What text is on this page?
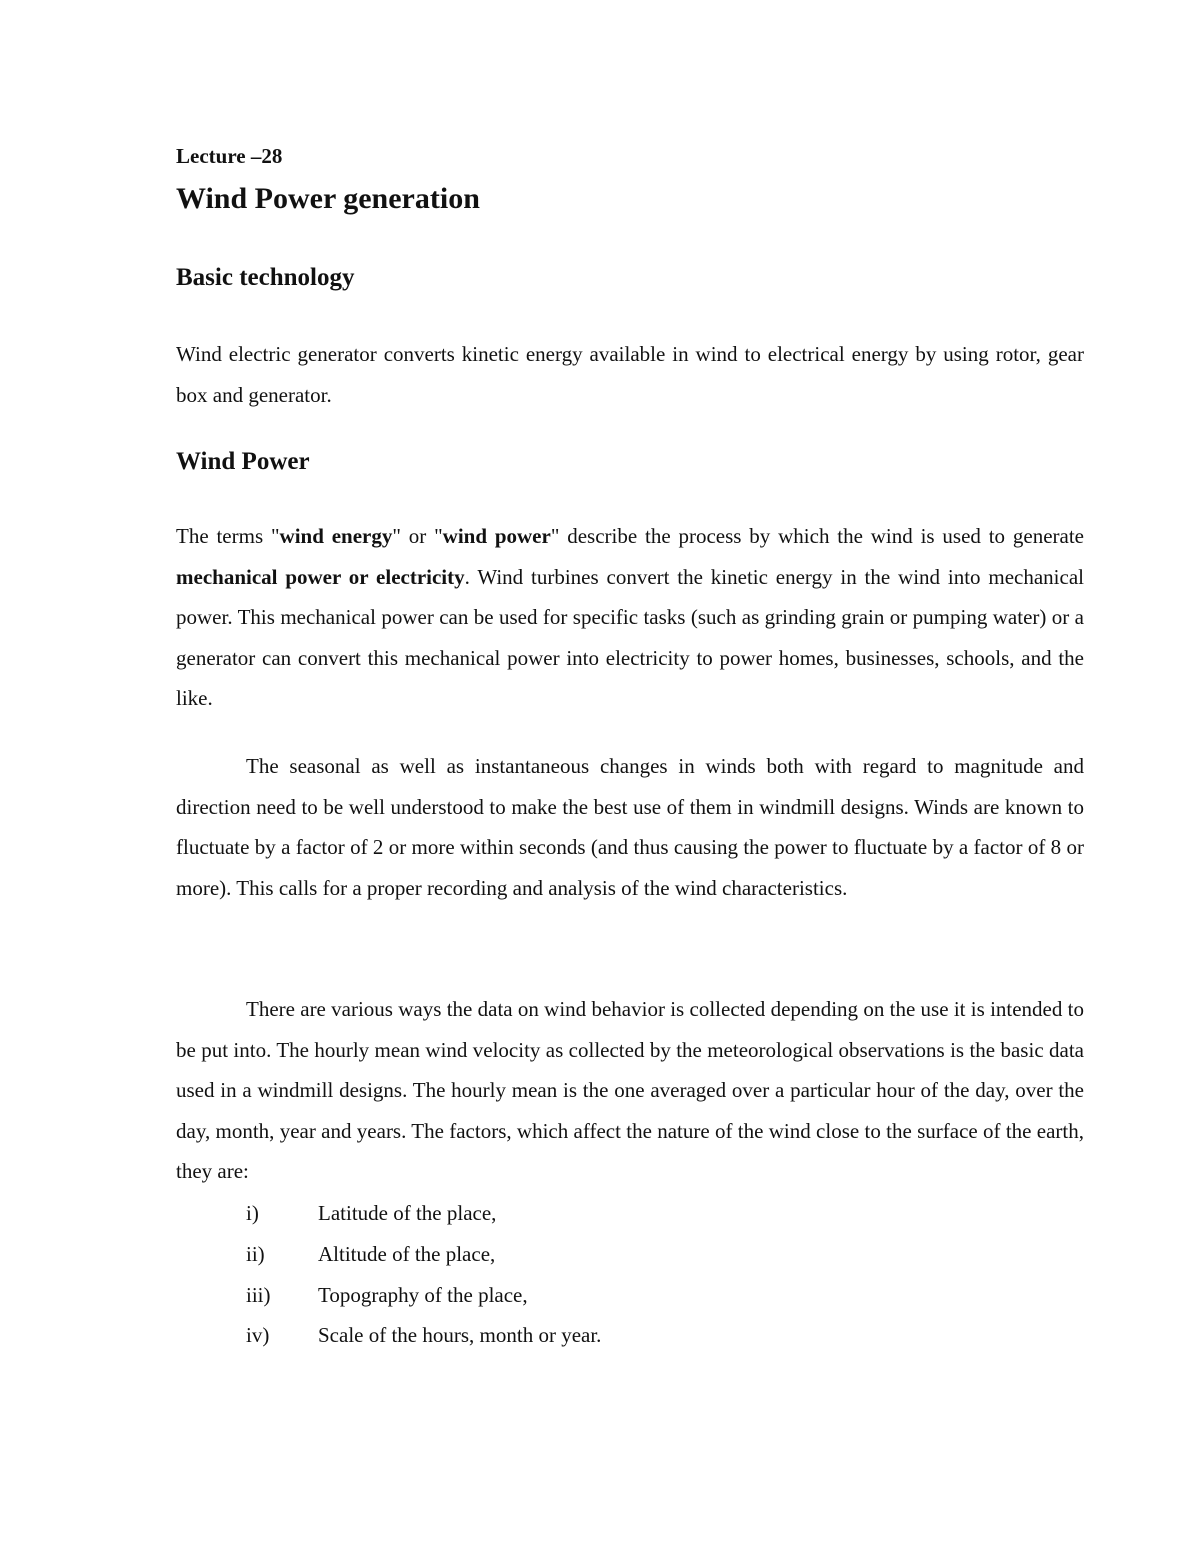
Lecture –28
Wind Power generation
Basic technology

Wind electric generator converts kinetic energy available in wind to electrical energy by using rotor, gear box and generator.

Wind Power

The terms "wind energy" or "wind power" describe the process by which the wind is used to generate mechanical power or electricity. Wind turbines convert the kinetic energy in the wind into mechanical power. This mechanical power can be used for specific tasks (such as grinding grain or pumping water) or a generator can convert this mechanical power into electricity to power homes, businesses, schools, and the like.

The seasonal as well as instantaneous changes in winds both with regard to magnitude and direction need to be well understood to make the best use of them in windmill designs. Winds are known to fluctuate by a factor of 2 or more within seconds (and thus causing the power to fluctuate by a factor of 8 or more). This calls for a proper recording and analysis of the wind characteristics.

There are various ways the data on wind behavior is collected depending on the use it is intended to be put into. The hourly mean wind velocity as collected by the meteorological observations is the basic data used in a windmill designs. The hourly mean is the one averaged over a particular hour of the day, over the day, month, year and years. The factors, which affect the nature of the wind close to the surface of the earth, they are:

i)	Latitude of the place,
ii)	Altitude of the place,
iii) Topography of the place,
iv) Scale of the hours, month or year.
